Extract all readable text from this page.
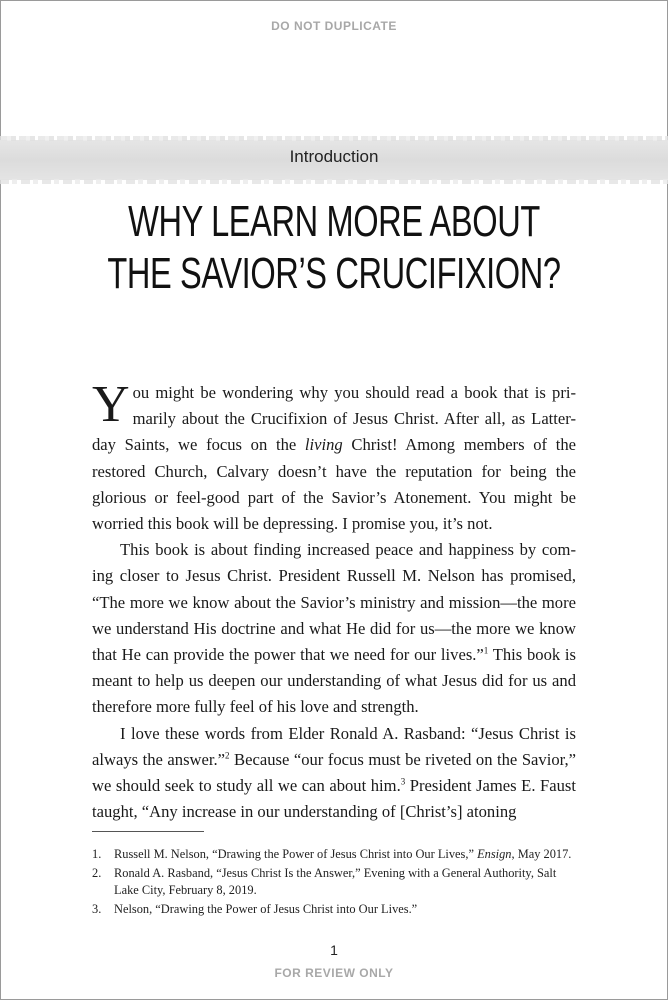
DO NOT DUPLICATE
Introduction
WHY LEARN MORE ABOUT
THE SAVIOR’S CRUCIFIXION?

You might be wondering why you should read a book that is primarily about the Crucifixion of Jesus Christ. After all, as Latter-day Saints, we focus on the living Christ! Among members of the restored Church, Calvary doesn’t have the reputation for being the glorious or feel-good part of the Savior’s Atonement. You might be worried this book will be depressing. I promise you, it’s not.

This book is about finding increased peace and happiness by coming closer to Jesus Christ. President Russell M. Nelson has promised, “The more we know about the Savior’s ministry and mission—the more we understand His doctrine and what He did for us—the more we know that He can provide the power that we need for our lives.”$^1$ This book is meant to help us deepen our understanding of what Jesus did for us and therefore more fully feel of his love and strength.

I love these words from Elder Ronald A. Rasband: “Jesus Christ is always the answer.”$^2$ Because “our focus must be riveted on the Savior,” we should seek to study all we can about him.$^3$ President James E. Faust taught, “Any increase in our understanding of [Christ’s] atoning

1.	Russell M. Nelson, “Drawing the Power of Jesus Christ into Our Lives,” Ensign, May 2017.
2.	Ronald A. Rasband, “Jesus Christ Is the Answer,” Evening with a General Authority, Salt Lake City, February 8, 2019.
3.	Nelson, “Drawing the Power of Jesus Christ into Our Lives.”
1
FOR REVIEW ONLY
